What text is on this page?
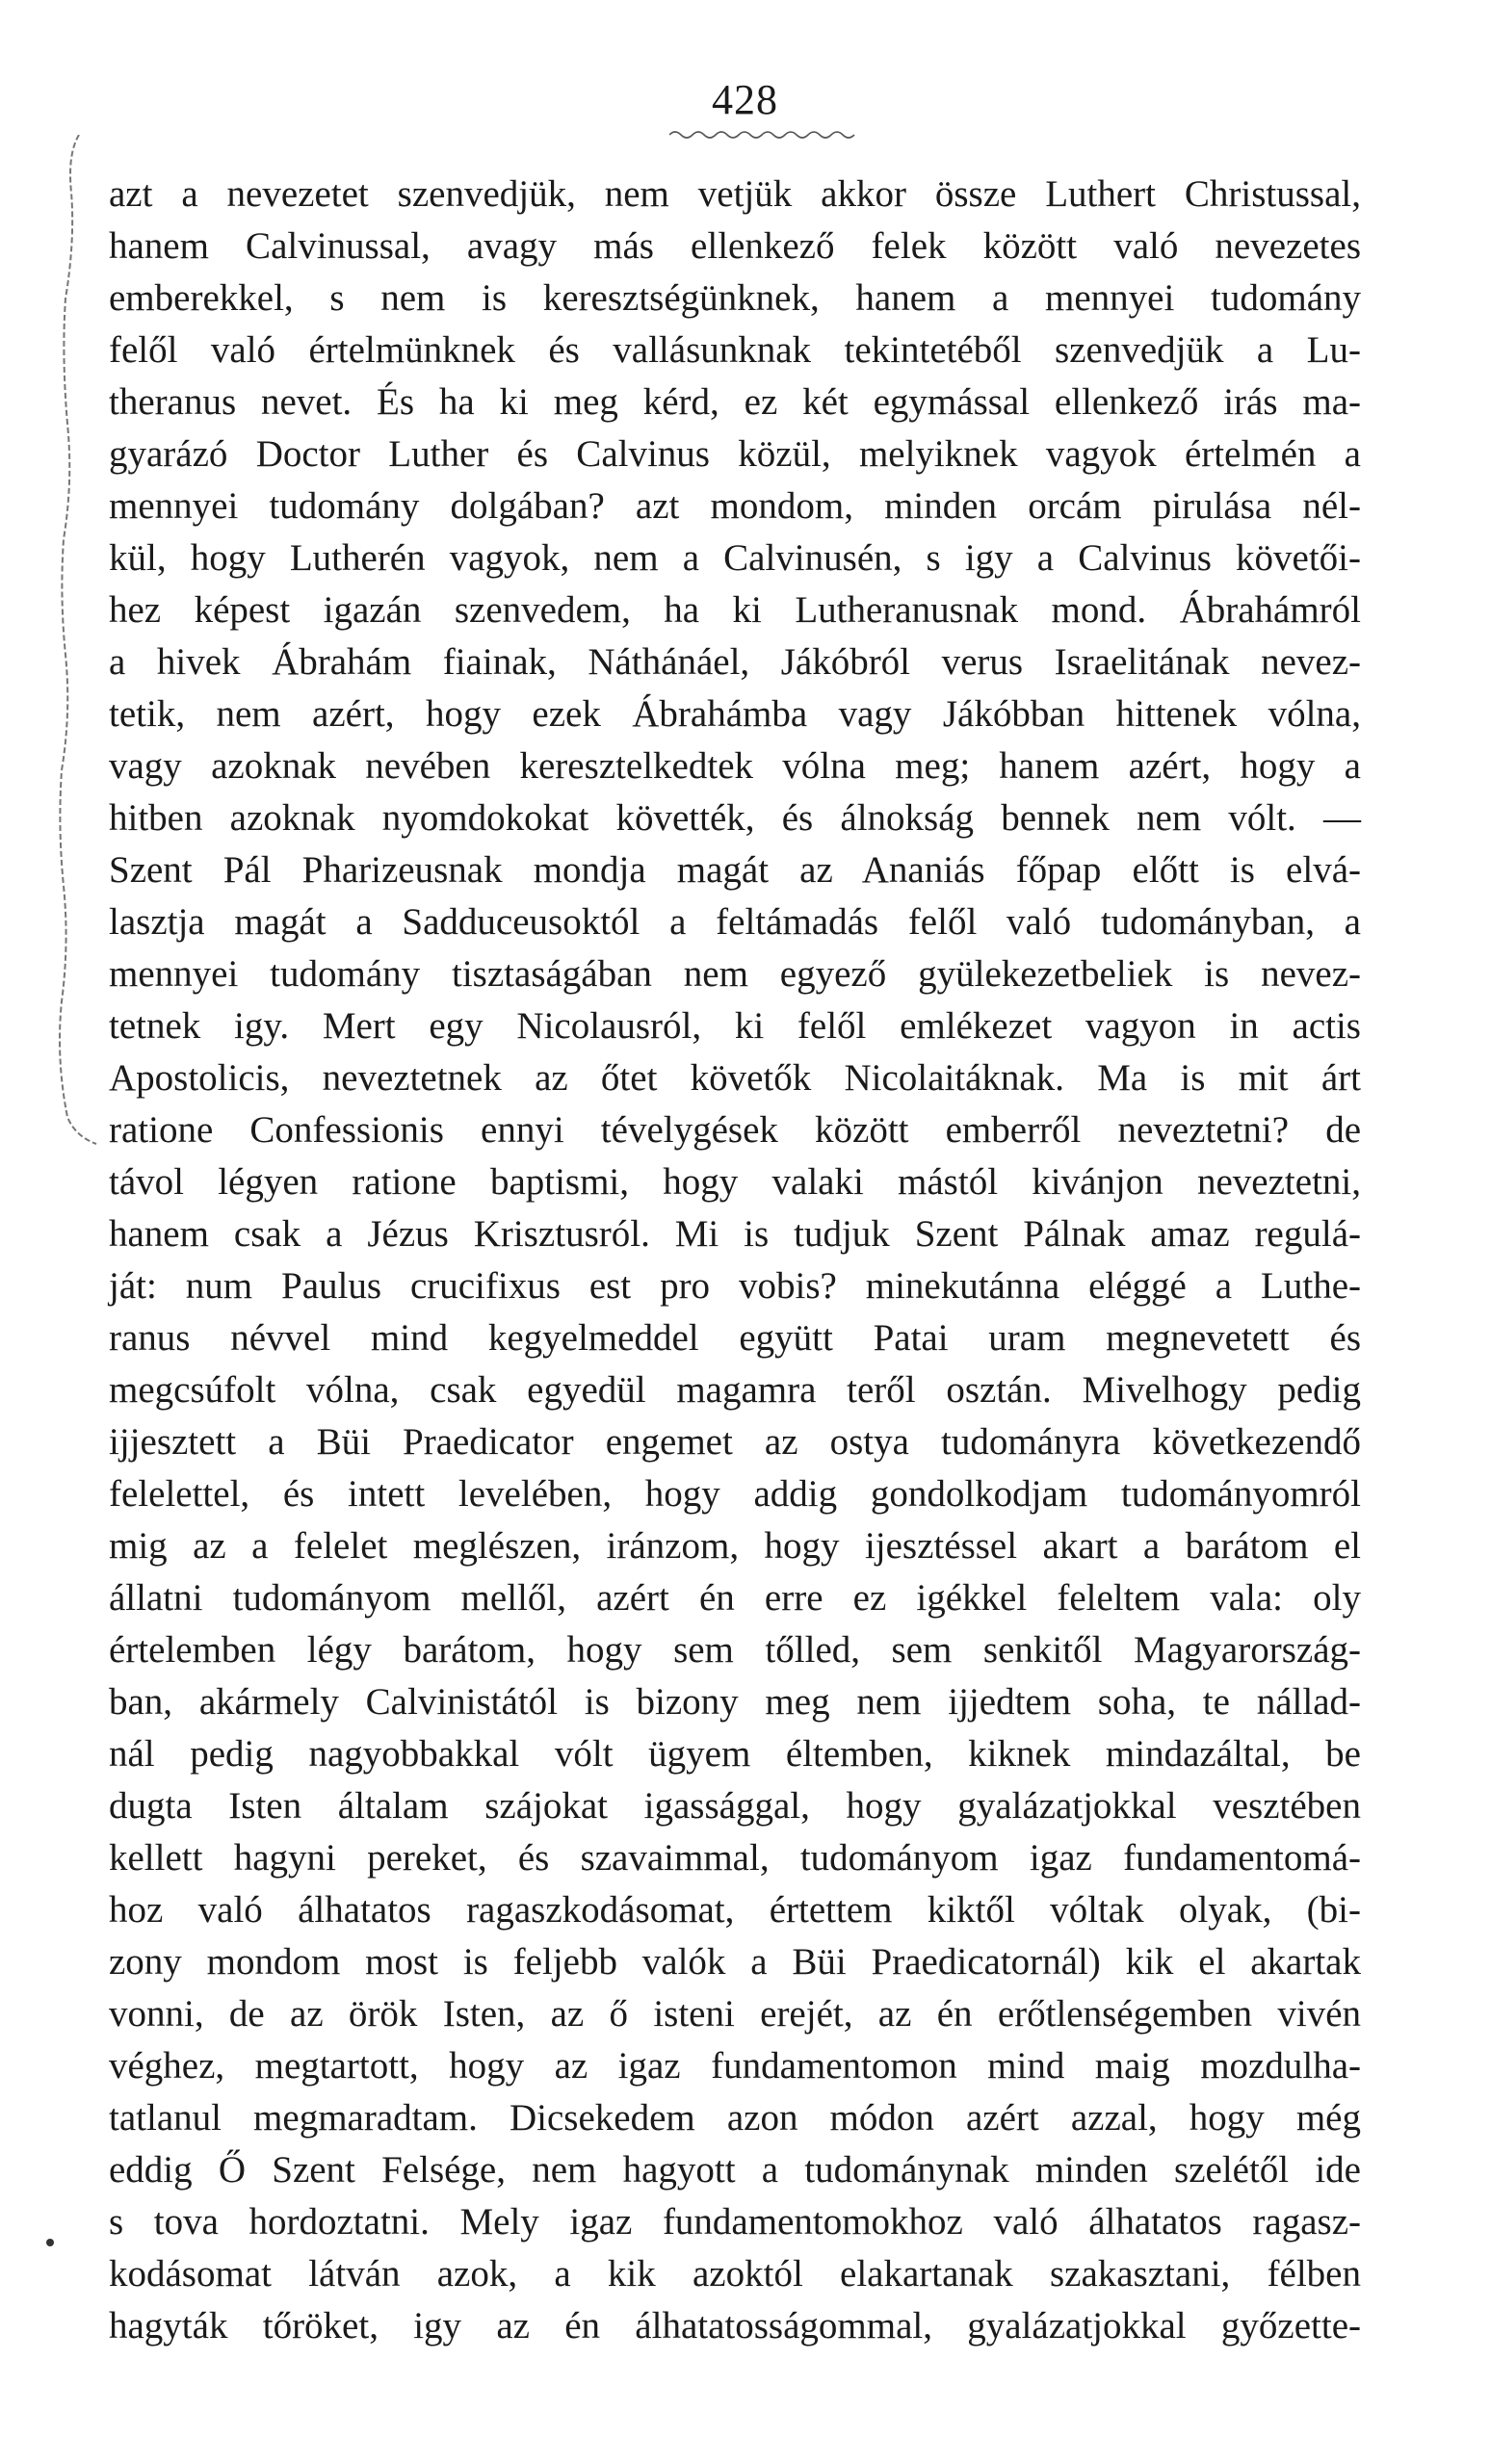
428
azt a nevezetet szenvedjük, nem vetjük akkor össze Luthert Christussal,
hanem Calvinussal, avagy más ellenkező felek között való nevezetes
emberekkel, s nem is keresztségünknek, hanem a mennyei tudomány
felől való értelmünknek és vallásunknak tekintetéből szenvedjük a Lu-
theranus nevet. És ha ki meg kérd, ez két egymással ellenkező irás ma-
gyarázó Doctor Luther és Calvinus közül, melyiknek vagyok értelmén a
mennyei tudomány dolgában? azt mondom, minden orcám pirulása nél-
kül, hogy Lutherén vagyok, nem a Calvinusén, s igy a Calvinus követői-
hez képest igazán szenvedem, ha ki Lutheranusnak mond. Ábrahámról
a hivek Ábrahám fiainak, Náthánáel, Jákóbról verus Israelitának nevez-
tetik, nem azért, hogy ezek Ábrahámba vagy Jákóbban hittenek vólna,
vagy azoknak nevében keresztelkedtek vólna meg; hanem azért, hogy a
hitben azoknak nyomdokokat követték, és álnokság bennek nem vólt. —
Szent Pál Pharizeusnak mondja magát az Ananiás főpap előtt is elvá-
lasztja magát a Sadduceusoktól a feltámadás felől való tudományban, a
mennyei tudomány tisztaságában nem egyező gyülekezetbeliek is nevez-
tetnek igy. Mert egy Nicolausról, ki felől emlékezet vagyon in actis
Apostolicis, neveztetnek az őtet követők Nicolaitáknak. Ma is mit árt
ratione Confessionis ennyi tévelygések között emberről neveztetni? de
távol légyen ratione baptismi, hogy valaki mástól kivánjon neveztetni,
hanem csak a Jézus Krisztusról. Mi is tudjuk Szent Pálnak amaz regulá-
ját: num Paulus crucifixus est pro vobis? minekutánna eléggé a Luthe-
ranus névvel mind kegyelmeddel együtt Patai uram megnevetett és
megcsúfolt vólna, csak egyedül magamra teről osztán. Mivelhogy pedig
ijjesztett a Büi Praedicator engemet az ostya tudományra következendő
felelettel, és intett levelében, hogy addig gondolkodjam tudományomról
mig az a felelet meglészen, iránzom, hogy ijesztéssel akart a barátom el
állatni tudományom mellől, azért én erre ez igékkel feleltem vala: oly
értelemben légy barátom, hogy sem tőlled, sem senkitől Magyarország-
ban, akármely Calvinistától is bizony meg nem ijjedtem soha, te nállad-
nál pedig nagyobbakkal vólt ügyem éltemben, kiknek mindazáltal, be
dugta Isten általam szájokat igassággal, hogy gyalázatjokkal vesztében
kellett hagyni pereket, és szavaimmal, tudományom igaz fundamentomá-
hoz való álhatatos ragaszkodásomat, értettem kiktől vóltak olyak, (bi-
zony mondom most is feljebb valók a Büi Praedicatornál) kik el akartak
vonni, de az örök Isten, az ő isteni erejét, az én erőtlenségemben vivén
véghez, megtartott, hogy az igaz fundamentomon mind maig mozdulha-
tatlanul megmaradtam. Dicsekedem azon módon azért azzal, hogy még
eddig Ő Szent Felsége, nem hagyott a tudománynak minden szelétől ide
s tova hordoztatni. Mely igaz fundamentomokhoz való álhatatos ragasz-
kodásomat látván azok, a kik azoktól elakartanak szakasztani, félben
hagyták tőröket, igy az én álhatatosságommal, gyalázatjokkal győzette-
